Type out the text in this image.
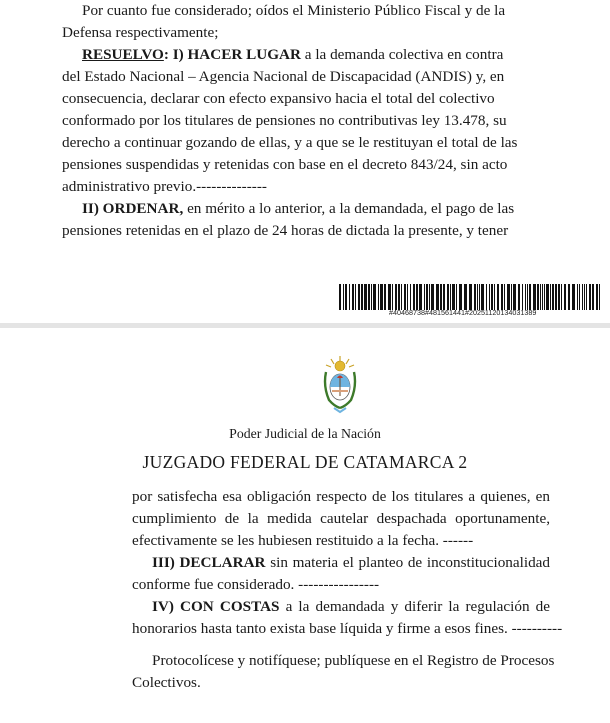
Por cuanto fue considerado; oídos el Ministerio Público Fiscal y de la
Defensa respectivamente;
RESUELVO: I) HACER LUGAR a la demanda colectiva en contra
del Estado Nacional – Agencia Nacional de Discapacidad (ANDIS) y, en
consecuencia, declarar con efecto expansivo hacia el total del colectivo
conformado por los titulares de pensiones no contributivas ley 13.478, su
derecho a continuar gozando de ellas, y a que se le restituyan el total de las
pensiones suspendidas y retenidas con base en el decreto 843/24, sin acto
administrativo previo.--------------
II) ORDENAR, en mérito a lo anterior, a la demandada, el pago de las
pensiones retenidas en el plazo de 24 horas de dictada la presente, y tener
#40468738#481561441#20251120134031389
Poder Judicial de la Nación
JUZGADO FEDERAL DE CATAMARCA 2
por satisfecha esa obligación respecto de los titulares a quienes, en
cumplimiento de la medida cautelar despachada oportunamente,
efectivamente se les hubiesen restituido a la fecha. ------
III) DECLARAR sin materia el planteo de inconstitucionalidad
conforme fue considerado. ----------------
IV) CON COSTAS a la demandada y diferir la regulación de
honorarios hasta tanto exista base líquida y firme a esos fines. ----------
Protocolícese y notifíquese; publíquese en el Registro de Procesos
Colectivos.
